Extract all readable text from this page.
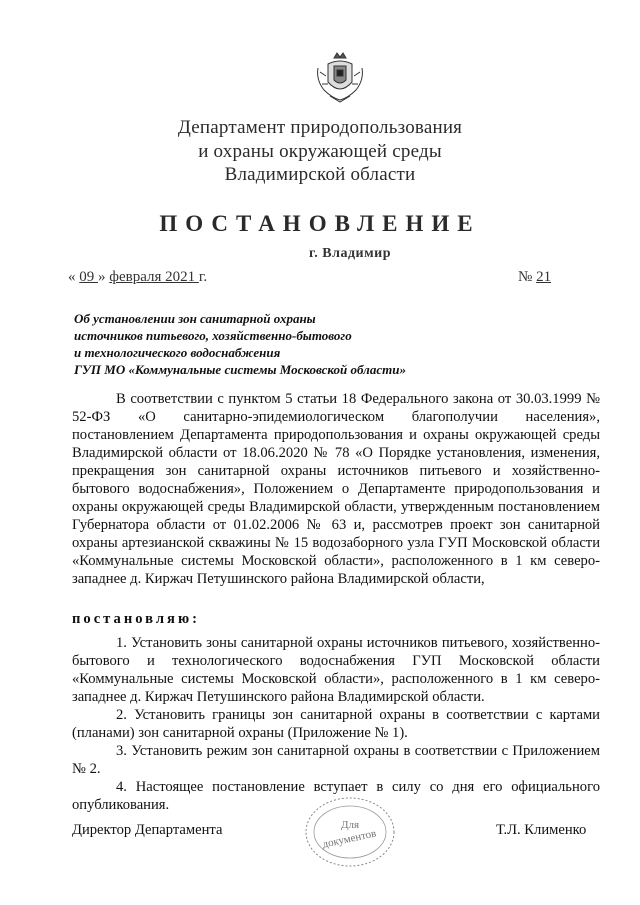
Департамент природопользования
и охраны окружающей среды
Владимирской области
ПОСТАНОВЛЕНИЕ
г. Владимир
« 09 » февраля 2021 г.	№ 21
Об установлении зон санитарной охраны
источников питьевого, хозяйственно-бытового
и технологического водоснабжения
ГУП МО «Коммунальные системы Московской области»

В соответствии с пунктом 5 статьи 18 Федерального закона от 30.03.1999 № 52-ФЗ «О санитарно-эпидемиологическом благополучии населения», постановлением Департамента природопользования и охраны окружающей среды Владимирской области от 18.06.2020 № 78 «О Порядке установления, изменения, прекращения зон санитарной охраны источников питьевого и хозяйственно-бытового водоснабжения», Положением о Департаменте природопользования и охраны окружающей среды Владимирской области, утвержденным постановлением Губернатора области от 01.02.2006 № 63 и, рассмотрев проект зон санитарной охраны артезианской скважины № 15 водозаборного узла ГУП Московской области «Коммунальные системы Московской области», расположенного в 1 км северо-западнее д. Киржач Петушинского района Владимирской области,

постановляю:

1. Установить зоны санитарной охраны источников питьевого, хозяйственно-бытового и технологического водоснабжения ГУП Московской области «Коммунальные системы Московской области», расположенного в 1 км северо-западнее д. Киржач Петушинского района Владимирской области.

2. Установить границы зон санитарной охраны в соответствии с картами (планами) зон санитарной охраны (Приложение № 1).

3. Установить режим зон санитарной охраны в соответствии с Приложением № 2.

4. Настоящее постановление вступает в силу со дня его официального опубликования.

Для
документов
Директор Департамента	Т.Л. Клименко
